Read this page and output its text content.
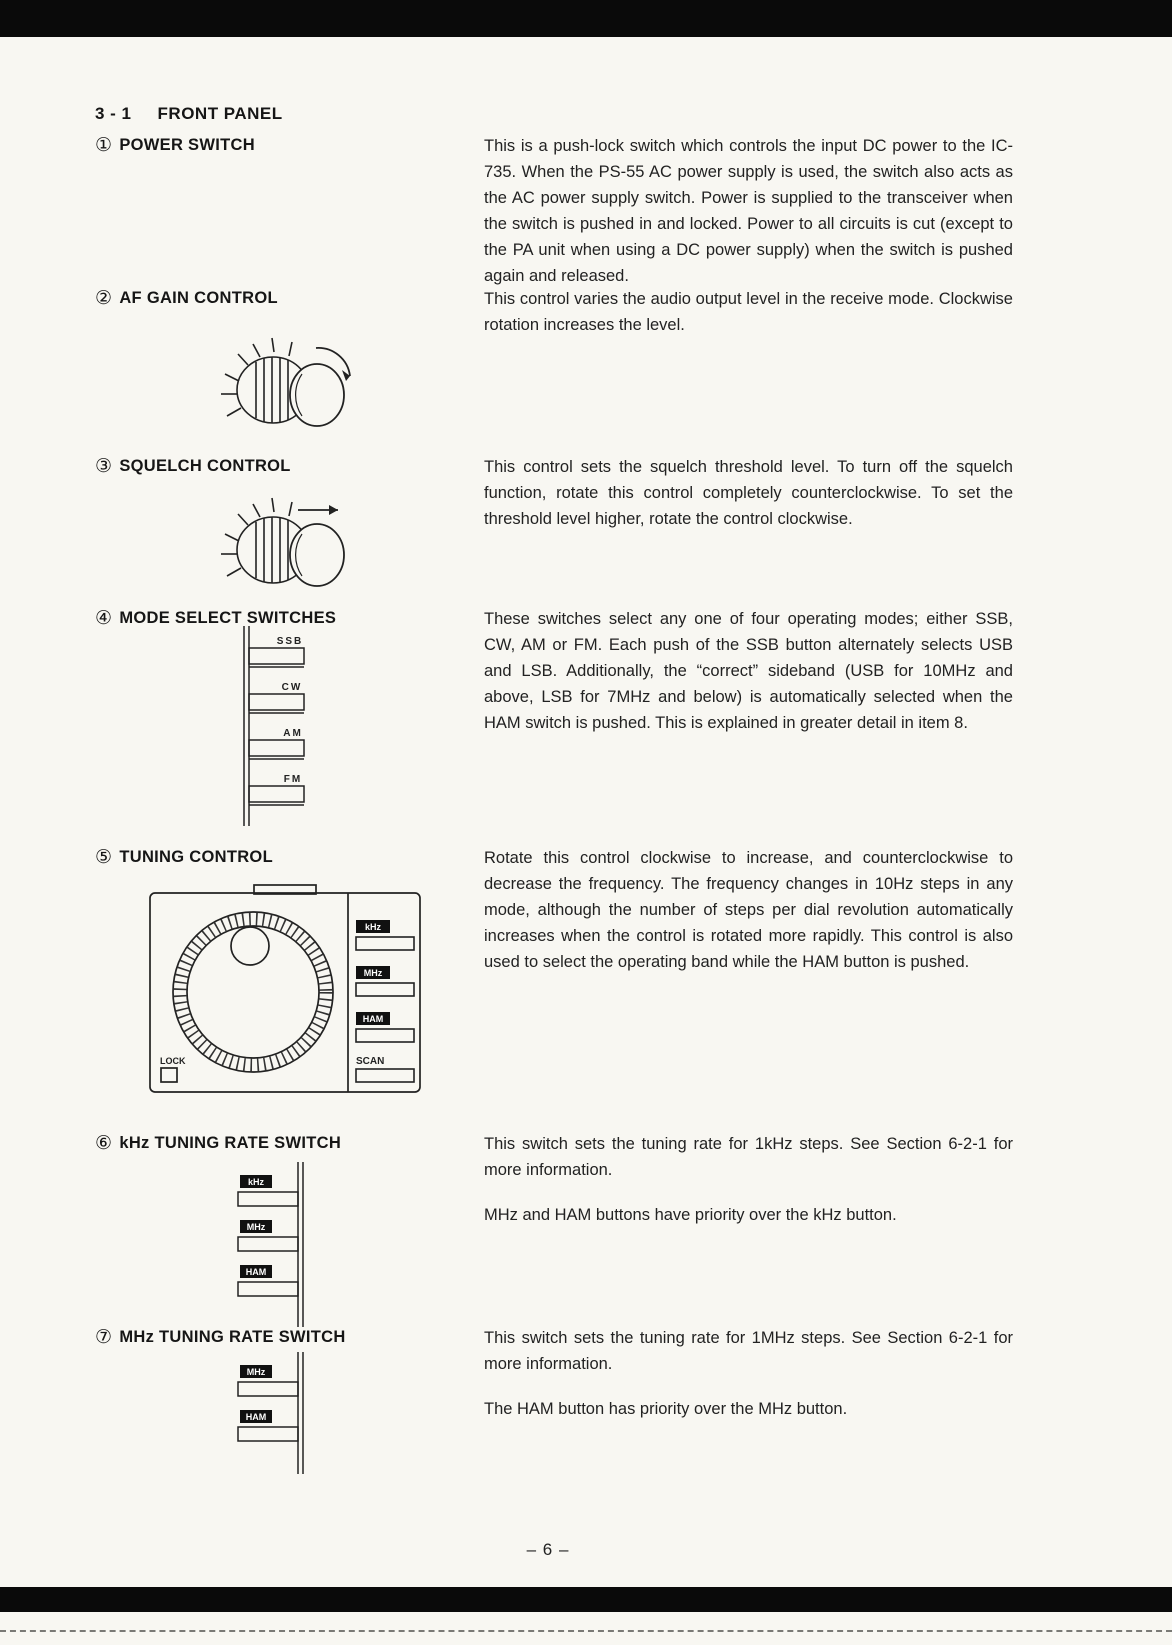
3 - 1 FRONT PANEL
① POWER SWITCH	This is a push-lock switch which controls the input DC power to the IC-735. When the PS-55 AC power supply is used, the switch also acts as the AC power supply switch. Power is supplied to the transceiver when the switch is pushed in and locked. Power to all circuits is cut (except to the PA unit when using a DC power supply) when the switch is pushed again and released.

② AF GAIN CONTROL	This control varies the audio output level in the receive mode. Clockwise rotation increases the level.

③ SQUELCH CONTROL	This control sets the squelch threshold level. To turn off the squelch function, rotate this control completely counterclockwise. To set the threshold level higher, rotate the control clockwise.

④ MODE SELECT SWITCHES	These switches select any one of four operating modes; either SSB, CW, AM or FM. Each push of the SSB button alternately selects USB and LSB. Additionally, the “correct” sideband (USB for 10MHz and above, LSB for 7MHz and below) is automatically selected when the HAM switch is pushed. This is explained in greater detail in item 8.

SSB
CW
AM
FM
⑤ TUNING CONTROL	Rotate this control clockwise to increase, and counterclockwise to decrease the frequency. The frequency changes in 10Hz steps in any mode, although the number of steps per dial revolution automatically increases when the control is rotated more rapidly. This control is also used to select the operating band while the HAM button is pushed.

LOCK
kHz
MHz
HAM
SCAN
⑥ kHz TUNING RATE SWITCH	This switch sets the tuning rate for 1kHz steps. See Section 6-2-1 for more information.

MHz and HAM buttons have priority over the kHz button.

kHz
MHz
HAM
⑦ MHz TUNING RATE SWITCH	This switch sets the tuning rate for 1MHz steps. See Section 6-2-1 for more information.

The HAM button has priority over the MHz button.

MHz
HAM
– 6 –
